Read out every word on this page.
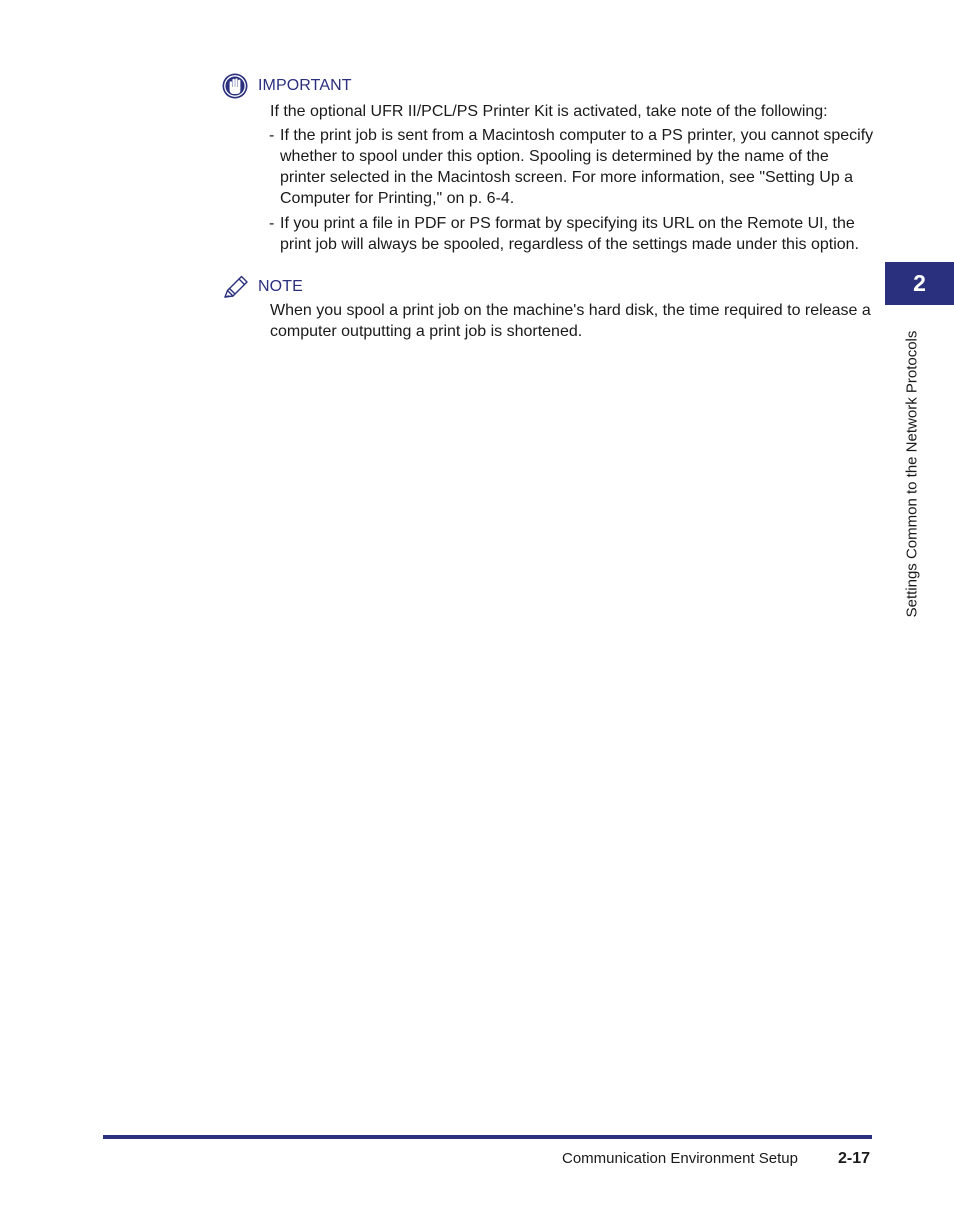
IMPORTANT
If the optional UFR II/PCL/PS Printer Kit is activated, take note of the following:
- If the print job is sent from a Macintosh computer to a PS printer, you cannot specify whether to spool under this option. Spooling is determined by the name of the printer selected in the Macintosh screen. For more information, see "Setting Up a Computer for Printing," on p. 6-4.
- If you print a file in PDF or PS format by specifying its URL on the Remote UI, the print job will always be spooled, regardless of the settings made under this option.
NOTE
When you spool a print job on the machine's hard disk, the time required to release a computer outputting a print job is shortened.
2
Settings Common to the Network Protocols
Communication Environment Setup	2-17
